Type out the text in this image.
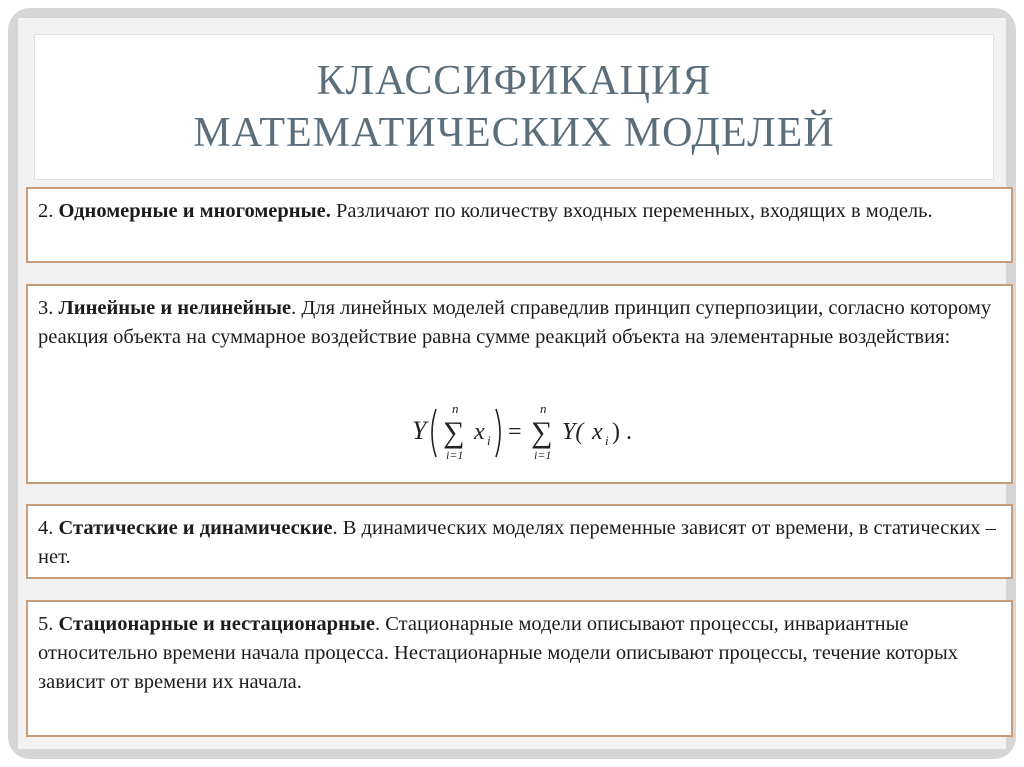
КЛАССИФИКАЦИЯ
МАТЕМАТИЧЕСКИХ МОДЕЛЕЙ
2. Одномерные и многомерные. Различают по количеству входных переменных, входящих в модель.
3. Линейные и нелинейные. Для линейных моделей справедлив принцип суперпозиции, согласно которому реакция объекта на суммарное воздействие равна сумме реакций объекта на элементарные воздействия:
Y
n
∑
i=1
x i =
n
∑
i=1
Y( x i ) .
4. Статические и динамические. В динамических моделях переменные зависят от времени, в статических – нет.
5. Стационарные и нестационарные. Стационарные модели описывают процессы, инвариантные относительно времени начала процесса. Нестационарные модели описывают процессы, течение которых зависит от времени их начала.
